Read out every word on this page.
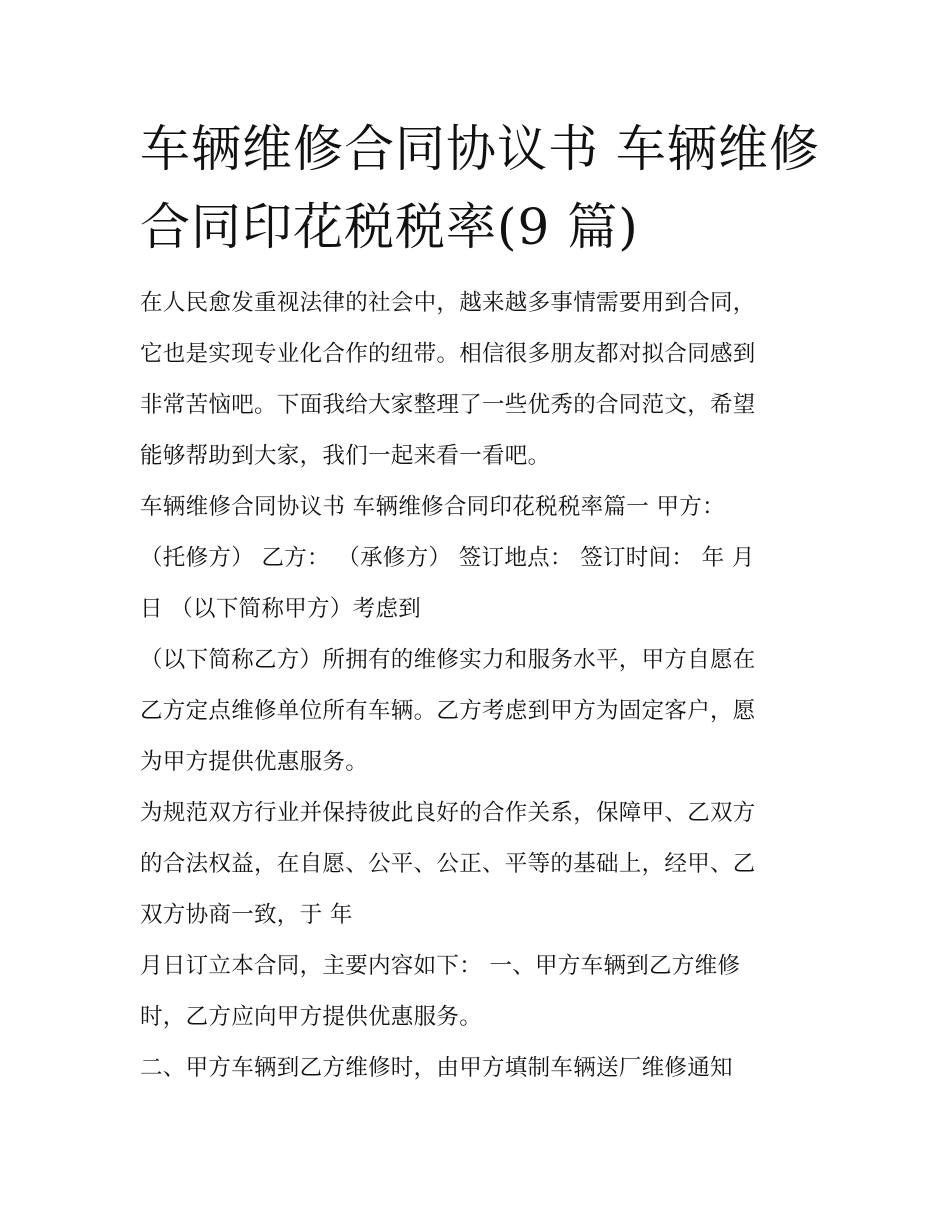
车辆维修合同协议书 车辆维修
合同印花税税率(9 篇)

在人民愈发重视法律的社会中，越来越多事情需要用到合同，
它也是实现专业化合作的纽带。相信很多朋友都对拟合同感到
非常苦恼吧。下面我给大家整理了一些优秀的合同范文，希望
能够帮助到大家，我们一起来看一看吧。

车辆维修合同协议书 车辆维修合同印花税税率篇一 甲方：
（托修方） 乙方： （承修方） 签订地点： 签订时间： 年 月
日 （以下简称甲方）考虑到

（以下简称乙方）所拥有的维修实力和服务水平，甲方自愿在
乙方定点维修单位所有车辆。乙方考虑到甲方为固定客户，愿
为甲方提供优惠服务。

为规范双方行业并保持彼此良好的合作关系，保障甲、乙双方
的合法权益，在自愿、公平、公正、平等的基础上，经甲、乙
双方协商一致，于 年

月日订立本合同，主要内容如下： 一、甲方车辆到乙方维修
时，乙方应向甲方提供优惠服务。

二、甲方车辆到乙方维修时，由甲方填制车辆送厂维修通知
